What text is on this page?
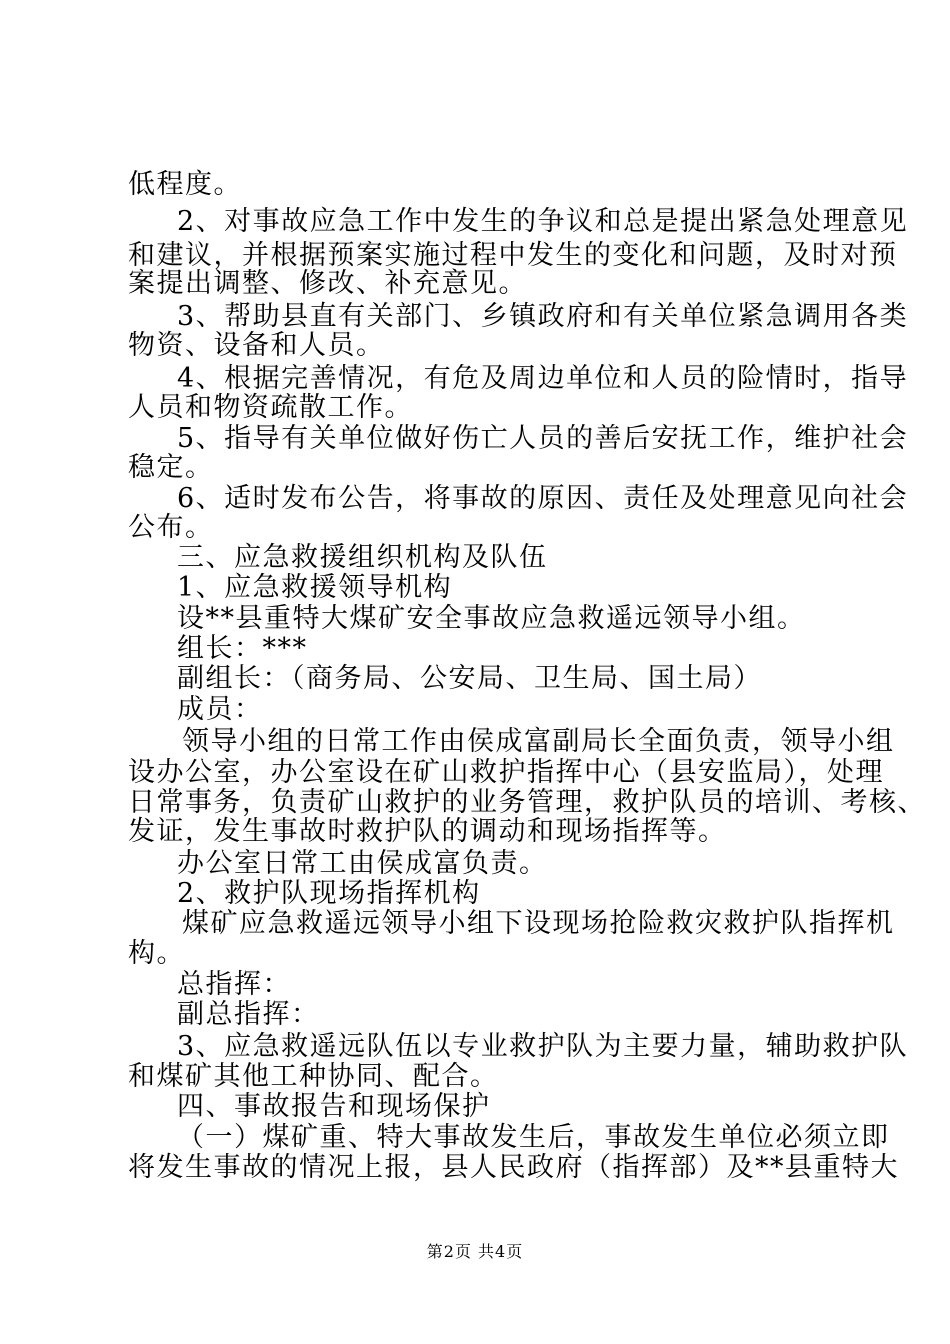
低程度。
2、对事故应急工作中发生的争议和总是提出紧急处理意见
和建议，并根据预案实施过程中发生的变化和问题，及时对预
案提出调整、修改、补充意见。
3、帮助县直有关部门、乡镇政府和有关单位紧急调用各类
物资、设备和人员。
4、根据完善情况，有危及周边单位和人员的险情时，指导
人员和物资疏散工作。
5、指导有关单位做好伤亡人员的善后安抚工作，维护社会
稳定。
6、适时发布公告，将事故的原因、责任及处理意见向社会
公布。
三、应急救援组织机构及队伍
1、应急救援领导机构
设**县重特大煤矿安全事故应急救遥远领导小组。
组长：***
副组长：（商务局、公安局、卫生局、国土局）
成员：
领导小组的日常工作由侯成富副局长全面负责，领导小组
设办公室，办公室设在矿山救护指挥中心（县安监局），处理
日常事务，负责矿山救护的业务管理，救护队员的培训、考核、
发证，发生事故时救护队的调动和现场指挥等。
办公室日常工由侯成富负责。
2、救护队现场指挥机构
煤矿应急救遥远领导小组下设现场抢险救灾救护队指挥机
构。
总指挥：
副总指挥：
3、应急救遥远队伍以专业救护队为主要力量，辅助救护队
和煤矿其他工种协同、配合。
四、事故报告和现场保护
（一）煤矿重、特大事故发生后，事故发生单位必须立即
将发生事故的情况上报，县人民政府（指挥部）及**县重特大
第2页 共4页
